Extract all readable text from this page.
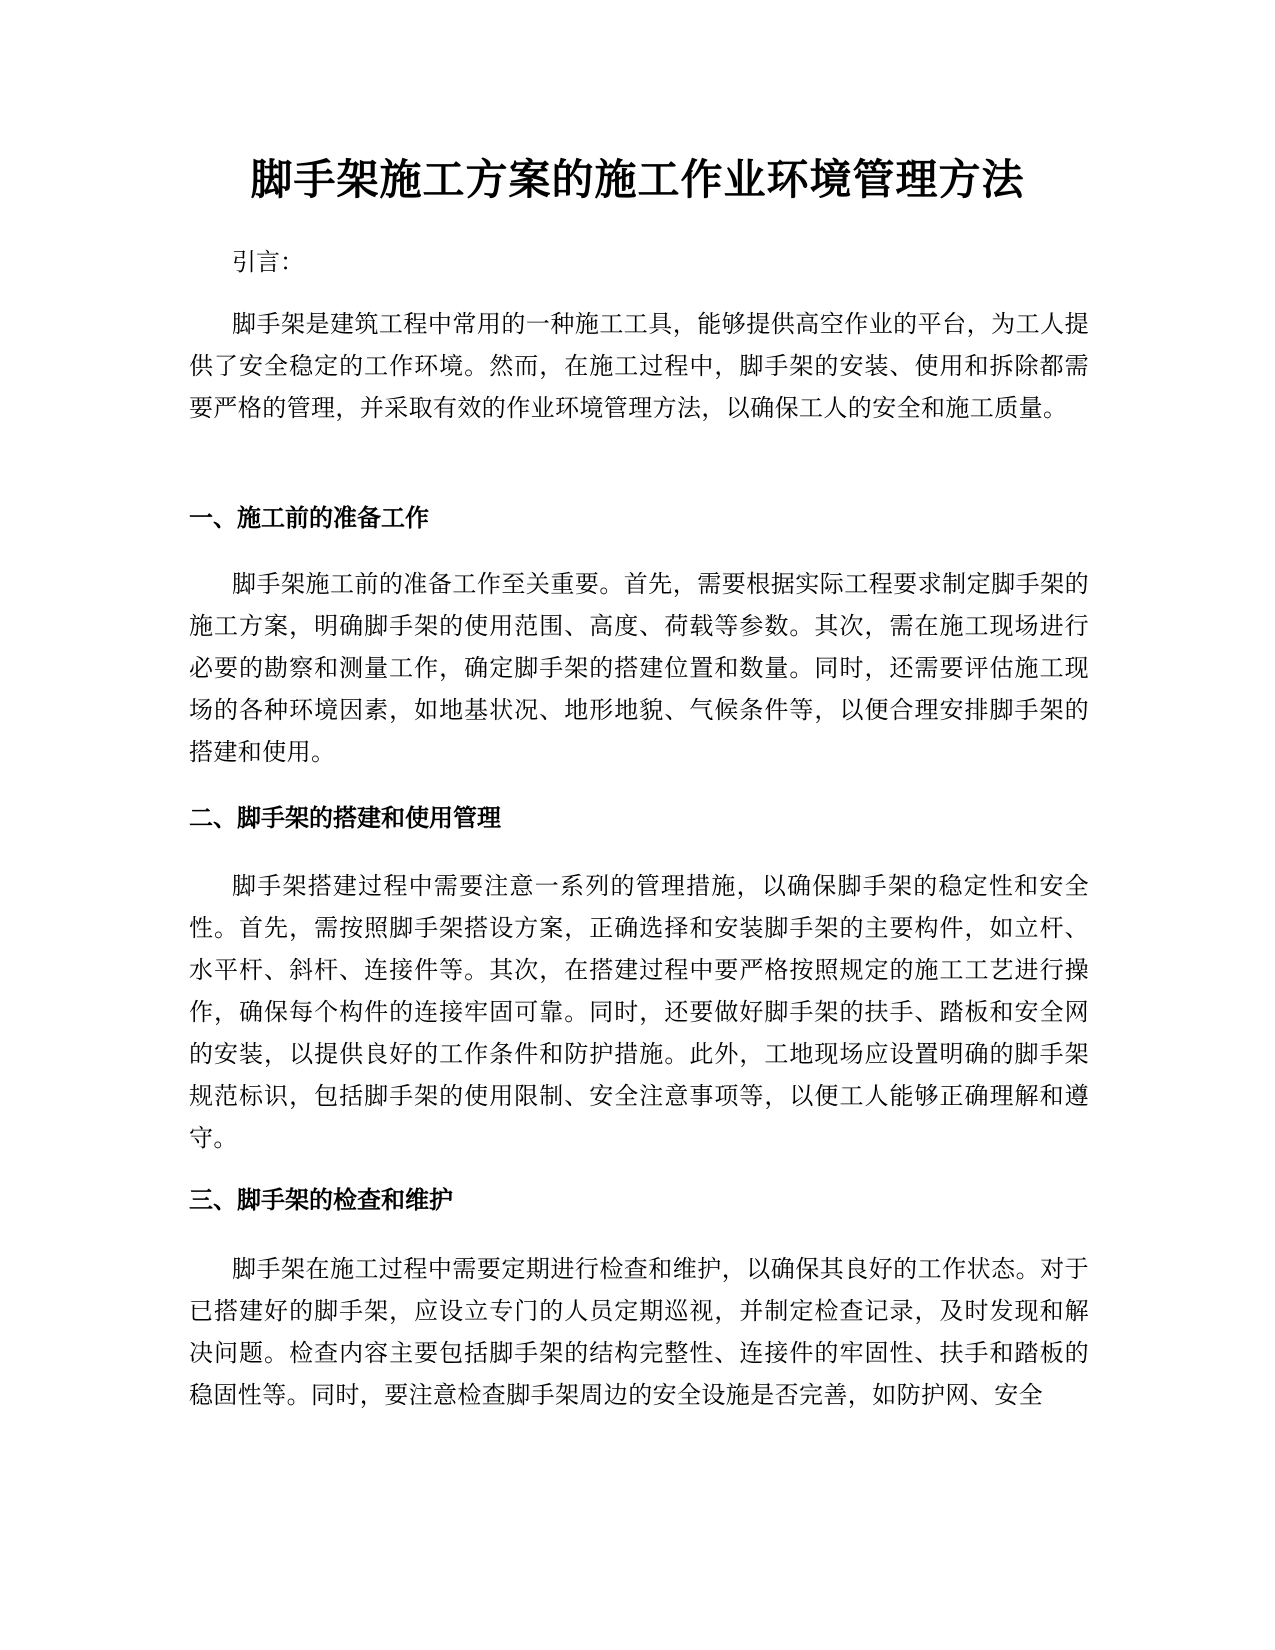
脚手架施工方案的施工作业环境管理方法

引言：

脚手架是建筑工程中常用的一种施工工具，能够提供高空作业的平台，为工人提供了安全稳定的工作环境。然而，在施工过程中，脚手架的安装、使用和拆除都需要严格的管理，并采取有效的作业环境管理方法，以确保工人的安全和施工质量。

一、施工前的准备工作

脚手架施工前的准备工作至关重要。首先，需要根据实际工程要求制定脚手架的施工方案，明确脚手架的使用范围、高度、荷载等参数。其次，需在施工现场进行必要的勘察和测量工作，确定脚手架的搭建位置和数量。同时，还需要评估施工现场的各种环境因素，如地基状况、地形地貌、气候条件等，以便合理安排脚手架的搭建和使用。

二、脚手架的搭建和使用管理

脚手架搭建过程中需要注意一系列的管理措施，以确保脚手架的稳定性和安全性。首先，需按照脚手架搭设方案，正确选择和安装脚手架的主要构件，如立杆、水平杆、斜杆、连接件等。其次，在搭建过程中要严格按照规定的施工工艺进行操作，确保每个构件的连接牢固可靠。同时，还要做好脚手架的扶手、踏板和安全网的安装，以提供良好的工作条件和防护措施。此外，工地现场应设置明确的脚手架规范标识，包括脚手架的使用限制、安全注意事项等，以便工人能够正确理解和遵守。

三、脚手架的检查和维护

脚手架在施工过程中需要定期进行检查和维护，以确保其良好的工作状态。对于已搭建好的脚手架，应设立专门的人员定期巡视，并制定检查记录，及时发现和解决问题。检查内容主要包括脚手架的结构完整性、连接件的牢固性、扶手和踏板的稳固性等。同时，要注意检查脚手架周边的安全设施是否完善，如防护网、安全
